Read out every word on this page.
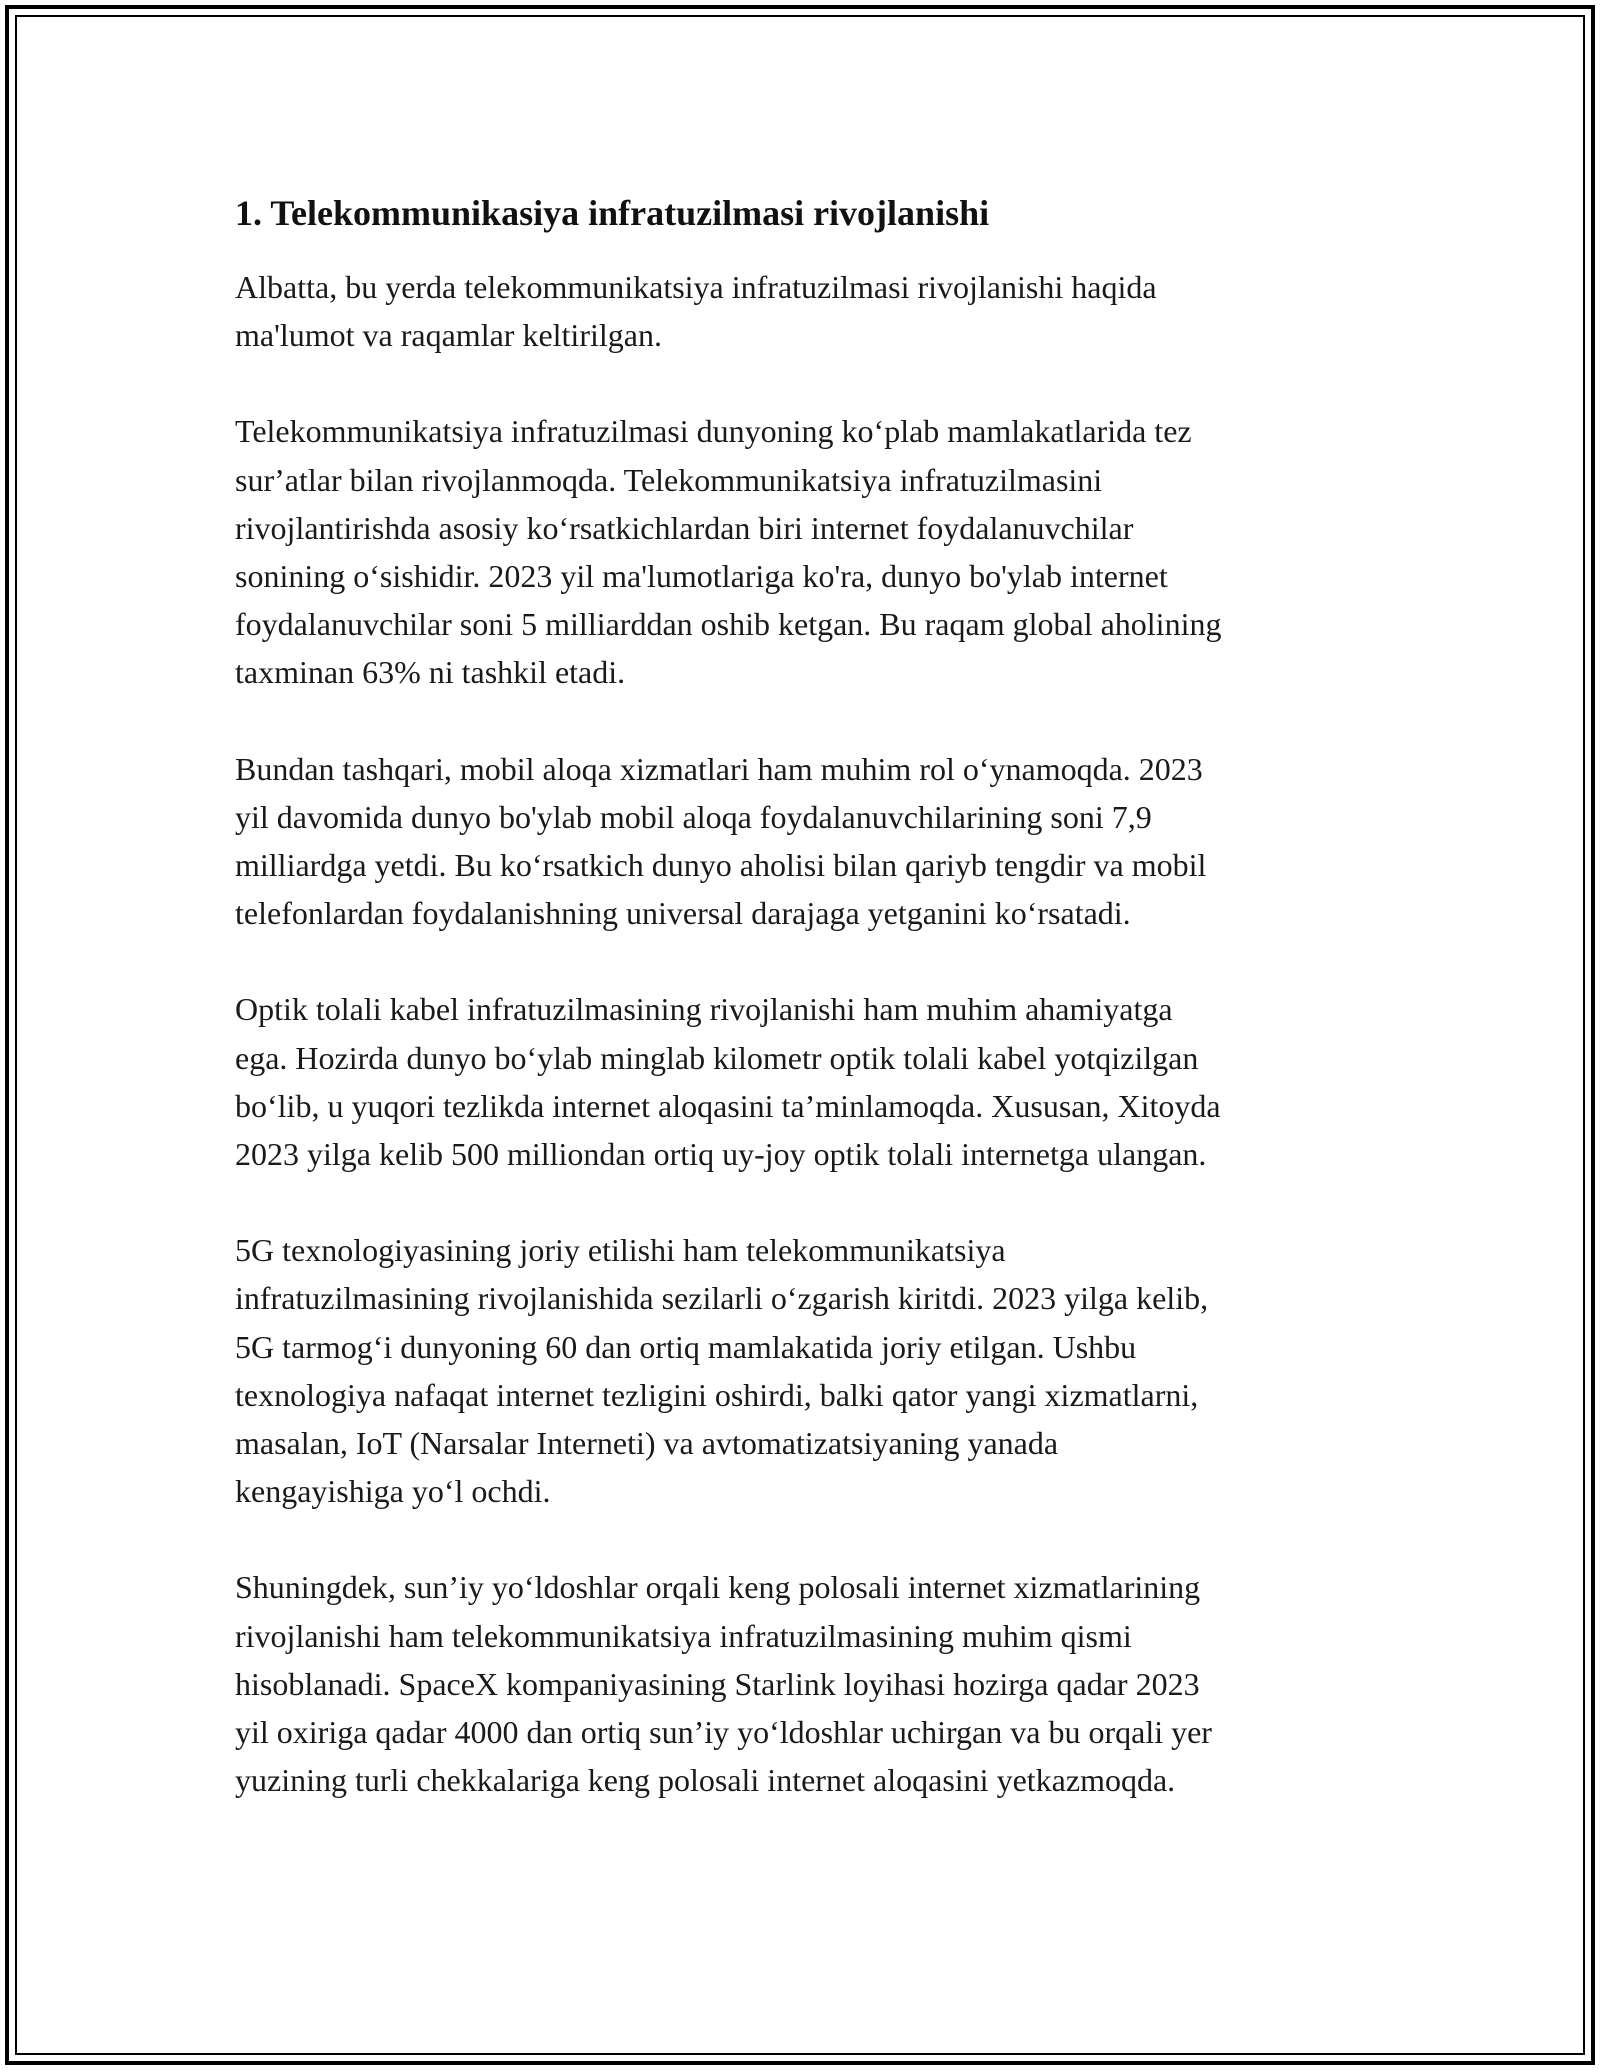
1. Telekommunikasiya infratuzilmasi rivojlanishi

Albatta, bu yerda telekommunikatsiya infratuzilmasi rivojlanishi haqida
ma'lumot va raqamlar keltirilgan.

Telekommunikatsiya infratuzilmasi dunyoning koʻplab mamlakatlarida tez
surʼatlar bilan rivojlanmoqda. Telekommunikatsiya infratuzilmasini
rivojlantirishda asosiy koʻrsatkichlardan biri internet foydalanuvchilar
sonining oʻsishidir. 2023 yil ma'lumotlariga ko'ra, dunyo bo'ylab internet
foydalanuvchilar soni 5 milliarddan oshib ketgan. Bu raqam global aholining
taxminan 63% ni tashkil etadi.

Bundan tashqari, mobil aloqa xizmatlari ham muhim rol oʻynamoqda. 2023
yil davomida dunyo bo'ylab mobil aloqa foydalanuvchilarining soni 7,9
milliardga yetdi. Bu koʻrsatkich dunyo aholisi bilan qariyb tengdir va mobil
telefonlardan foydalanishning universal darajaga yetganini koʻrsatadi.

Optik tolali kabel infratuzilmasining rivojlanishi ham muhim ahamiyatga
ega. Hozirda dunyo boʻylab minglab kilometr optik tolali kabel yotqizilgan
boʻlib, u yuqori tezlikda internet aloqasini taʼminlamoqda. Xususan, Xitoyda
2023 yilga kelib 500 milliondan ortiq uy-joy optik tolali internetga ulangan.

5G texnologiyasining joriy etilishi ham telekommunikatsiya
infratuzilmasining rivojlanishida sezilarli oʻzgarish kiritdi. 2023 yilga kelib,
5G tarmogʻi dunyoning 60 dan ortiq mamlakatida joriy etilgan. Ushbu
texnologiya nafaqat internet tezligini oshirdi, balki qator yangi xizmatlarni,
masalan, IoT (Narsalar Interneti) va avtomatizatsiyaning yanada
kengayishiga yoʻl ochdi.

Shuningdek, sunʼiy yoʻldoshlar orqali keng polosali internet xizmatlarining
rivojlanishi ham telekommunikatsiya infratuzilmasining muhim qismi
hisoblanadi. SpaceX kompaniyasining Starlink loyihasi hozirga qadar 2023
yil oxiriga qadar 4000 dan ortiq sunʼiy yoʻldoshlar uchirgan va bu orqali yer
yuzining turli chekkalariga keng polosali internet aloqasini yetkazmoqda.
